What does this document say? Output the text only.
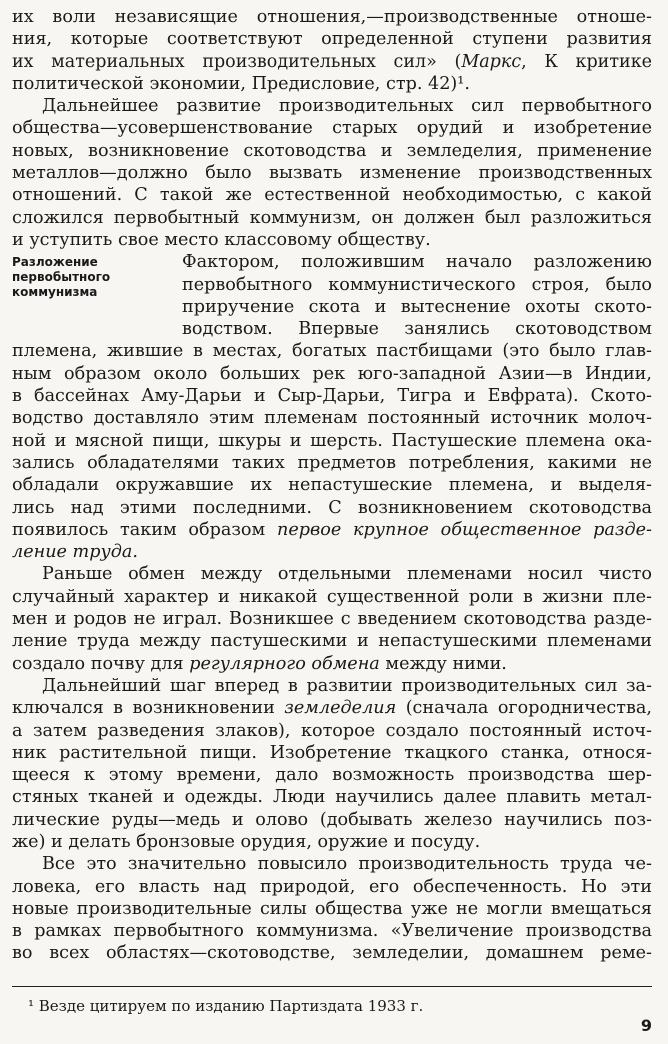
их воли независящие отношения,—производственные отноше-
ния, которые соответствуют определенной ступени развития
их материальных производительных сил» (Маркс, К критике
политической экономии, Предисловие, стр. 42)¹.
Дальнейшее развитие производительных сил первобытного
общества—усовершенствование старых орудий и изобретение
новых, возникновение скотоводства и земледелия, применение
металлов—должно было вызвать изменение производственных
отношений. С такой же естественной необходимостью, с какой
сложился первобытный коммунизм, он должен был разложиться
и уступить свое место классовому обществу.
Разложение
первобытного
коммунизма
Фактором, положившим начало разложению
первобытного коммунистического строя, было
приручение скота и вытеснение охоты ското-
водством. Впервые занялись скотоводством
племена, жившие в местах, богатых пастбищами (это было глав-
ным образом около больших рек юго-западной Азии—в Индии,
в бассейнах Аму-Дарьи и Сыр-Дарьи, Тигра и Евфрата). Ското-
водство доставляло этим племенам постоянный источник молоч-
ной и мясной пищи, шкуры и шерсть. Пастушеские племена ока-
зались обладателями таких предметов потребления, какими не
обладали окружавшие их непастушеские племена, и выделя-
лись над этими последними. С возникновением скотоводства
появилось таким образом первое крупное общественное разде-
ление труда.
Раньше обмен между отдельными племенами носил чисто
случайный характер и никакой существенной роли в жизни пле-
мен и родов не играл. Возникшее с введением скотоводства разде-
ление труда между пастушескими и непастушескими племенами
создало почву для регулярного обмена между ними.
Дальнейший шаг вперед в развитии производительных сил за-
ключался в возникновении земледелия (сначала огородничества,
а затем разведения злаков), которое создало постоянный источ-
ник растительной пищи. Изобретение ткацкого станка, относя-
щееся к этому времени, дало возможность производства шер-
стяных тканей и одежды. Люди научились далее плавить метал-
лические руды—медь и олово (добывать железо научились поз-
же) и делать бронзовые орудия, оружие и посуду.
Все это значительно повысило производительность труда че-
ловека, его власть над природой, его обеспеченность. Но эти
новые производительные силы общества уже не могли вмещаться
в рамках первобытного коммунизма. «Увеличение производства
во всех областях—скотоводстве, земледелии, домашнем реме-
¹ Везде цитируем по изданию Партиздата 1933 г.
9
